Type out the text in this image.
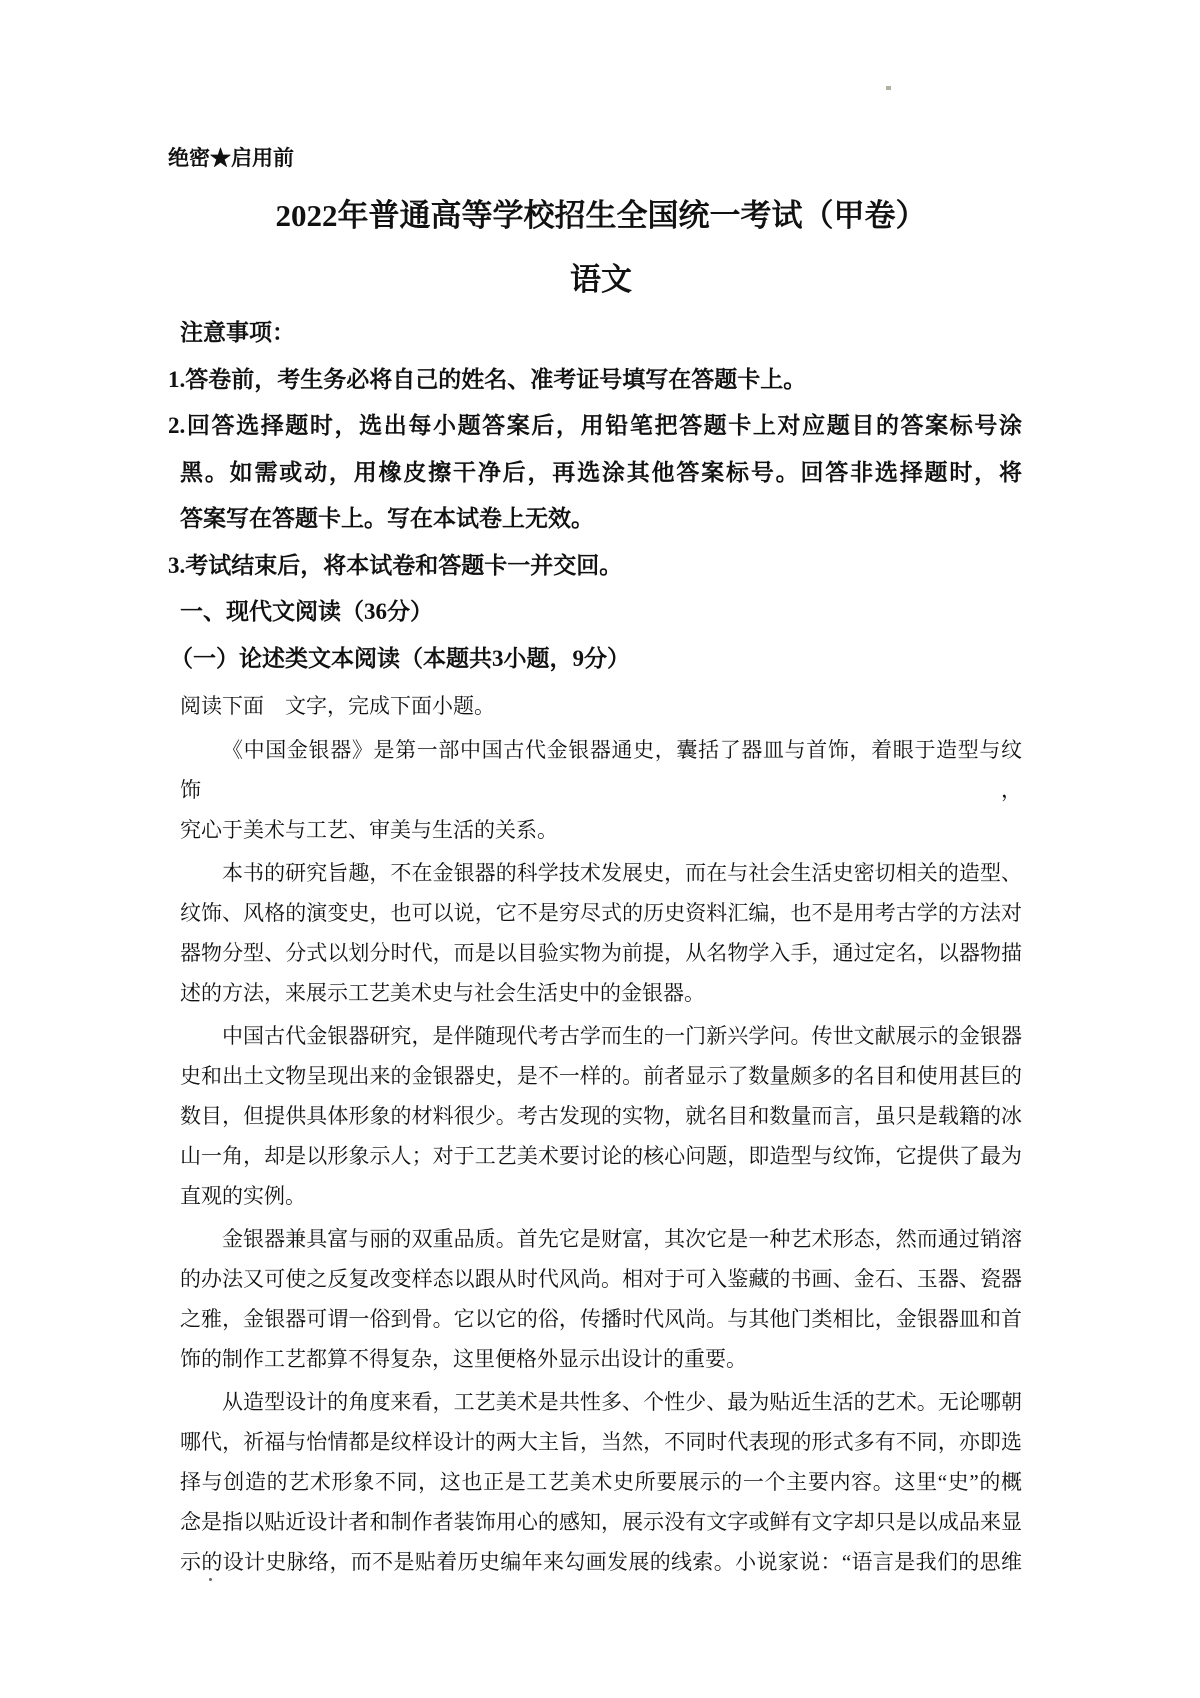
绝密★启用前
2022年普通高等学校招生全国统一考试（甲卷）
语文
注意事项：
1.答卷前，考生务必将自己的姓名、准考证号填写在答题卡上。
2.回答选择题时，选出每小题答案后，用铅笔把答题卡上对应题目的答案标号涂
黑。如需或动，用橡皮擦干净后，再选涂其他答案标号。回答非选择题时，将
答案写在答题卡上。写在本试卷上无效。
3.考试结束后，将本试卷和答题卡一并交回。
一、现代文阅读（36分）
（一）论述类文本阅读（本题共3小题，9分）
阅读下面　文字，完成下面小题。
《中国金银器》是第一部中国古代金银器通史，囊括了器皿与首饰，着眼于造型与纹饰，
究心于美术与工艺、审美与生活的关系。
本书的研究旨趣，不在金银器的科学技术发展史，而在与社会生活史密切相关的造型、
纹饰、风格的演变史，也可以说，它不是穷尽式的历史资料汇编，也不是用考古学的方法对
器物分型、分式以划分时代，而是以目验实物为前提，从名物学入手，通过定名，以器物描
述的方法，来展示工艺美术史与社会生活史中的金银器。
中国古代金银器研究，是伴随现代考古学而生的一门新兴学问。传世文献展示的金银器
史和出土文物呈现出来的金银器史，是不一样的。前者显示了数量颇多的名目和使用甚巨的
数目，但提供具体形象的材料很少。考古发现的实物，就名目和数量而言，虽只是载籍的冰
山一角，却是以形象示人；对于工艺美术要讨论的核心问题，即造型与纹饰，它提供了最为
直观的实例。
金银器兼具富与丽的双重品质。首先它是财富，其次它是一种艺术形态，然而通过销溶
的办法又可使之反复改变样态以跟从时代风尚。相对于可入鉴藏的书画、金石、玉器、瓷器
之雅，金银器可谓一俗到骨。它以它的俗，传播时代风尚。与其他门类相比，金银器皿和首
饰的制作工艺都算不得复杂，这里便格外显示出设计的重要。
从造型设计的角度来看，工艺美术是共性多、个性少、最为贴近生活的艺术。无论哪朝
哪代，祈福与怡情都是纹样设计的两大主旨，当然，不同时代表现的形式多有不同，亦即选
择与创造的艺术形象不同，这也正是工艺美术史所要展示的一个主要内容。这里“史”的概
念是指以贴近设计者和制作者装饰用心的感知，展示没有文字或鲜有文字却只是以成品来显
示的设计史脉络，而不是贴着历史编年来勾画发展的线索。小说家说：“语言是我们的思维
